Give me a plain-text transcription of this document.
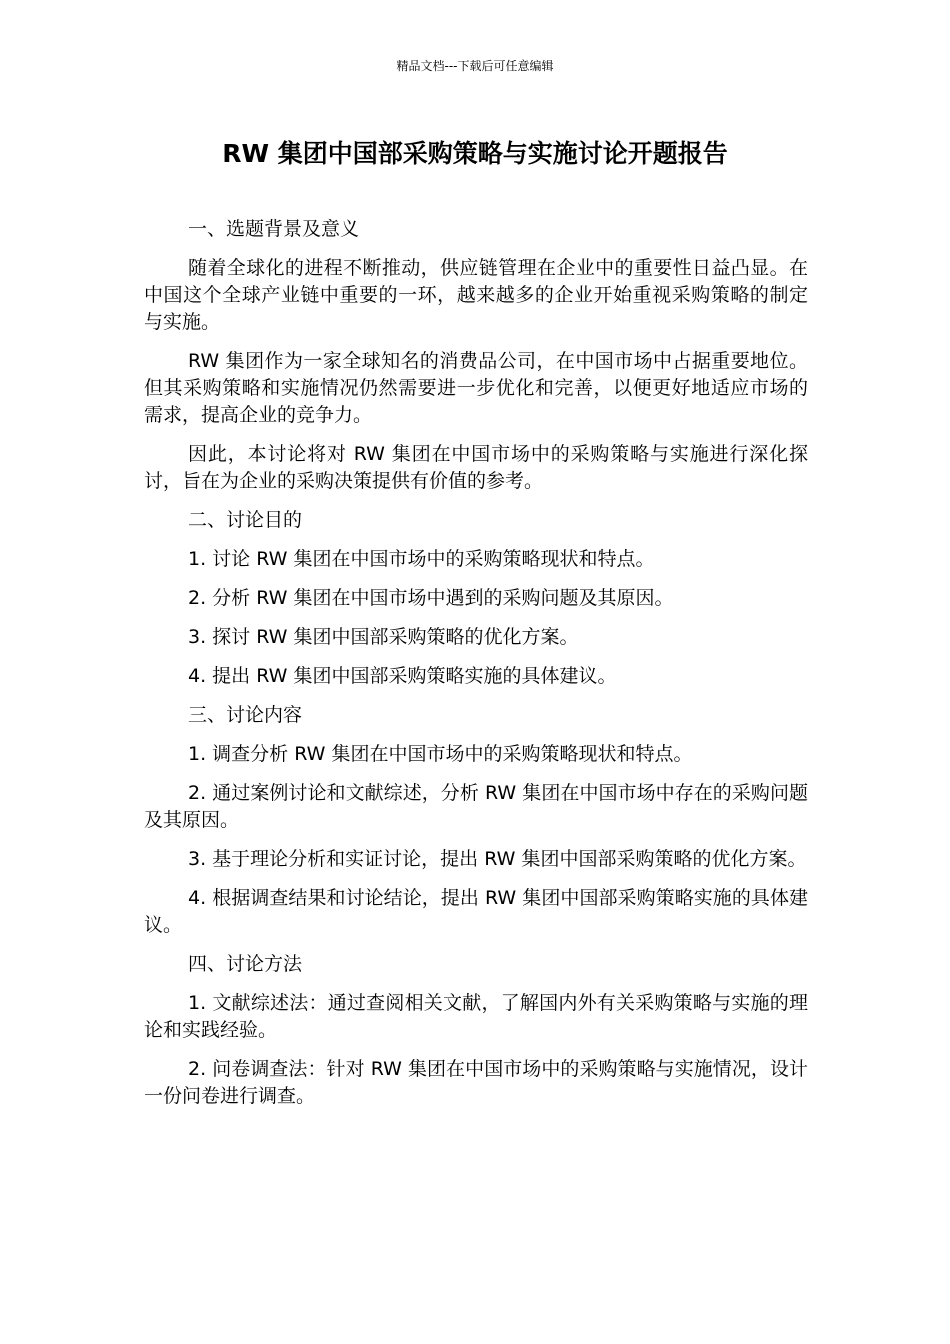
精品文档---下载后可任意编辑
RW 集团中国部采购策略与实施讨论开题报告

一、选题背景及意义

随着全球化的进程不断推动，供应链管理在企业中的重要性日益凸显。在中国这个全球产业链中重要的一环，越来越多的企业开始重视采购策略的制定与实施。

RW 集团作为一家全球知名的消费品公司，在中国市场中占据重要地位。但其采购策略和实施情况仍然需要进一步优化和完善，以便更好地适应市场的需求，提高企业的竞争力。

因此，本讨论将对 RW 集团在中国市场中的采购策略与实施进行深化探讨，旨在为企业的采购决策提供有价值的参考。

二、讨论目的

1. 讨论 RW 集团在中国市场中的采购策略现状和特点。

2. 分析 RW 集团在中国市场中遇到的采购问题及其原因。

3. 探讨 RW 集团中国部采购策略的优化方案。

4. 提出 RW 集团中国部采购策略实施的具体建议。

三、讨论内容

1. 调查分析 RW 集团在中国市场中的采购策略现状和特点。

2. 通过案例讨论和文献综述，分析 RW 集团在中国市场中存在的采购问题及其原因。

3. 基于理论分析和实证讨论，提出 RW 集团中国部采购策略的优化方案。

4. 根据调查结果和讨论结论，提出 RW 集团中国部采购策略实施的具体建议。

四、讨论方法

1. 文献综述法：通过查阅相关文献，了解国内外有关采购策略与实施的理论和实践经验。

2. 问卷调查法：针对 RW 集团在中国市场中的采购策略与实施情况，设计一份问卷进行调查。
